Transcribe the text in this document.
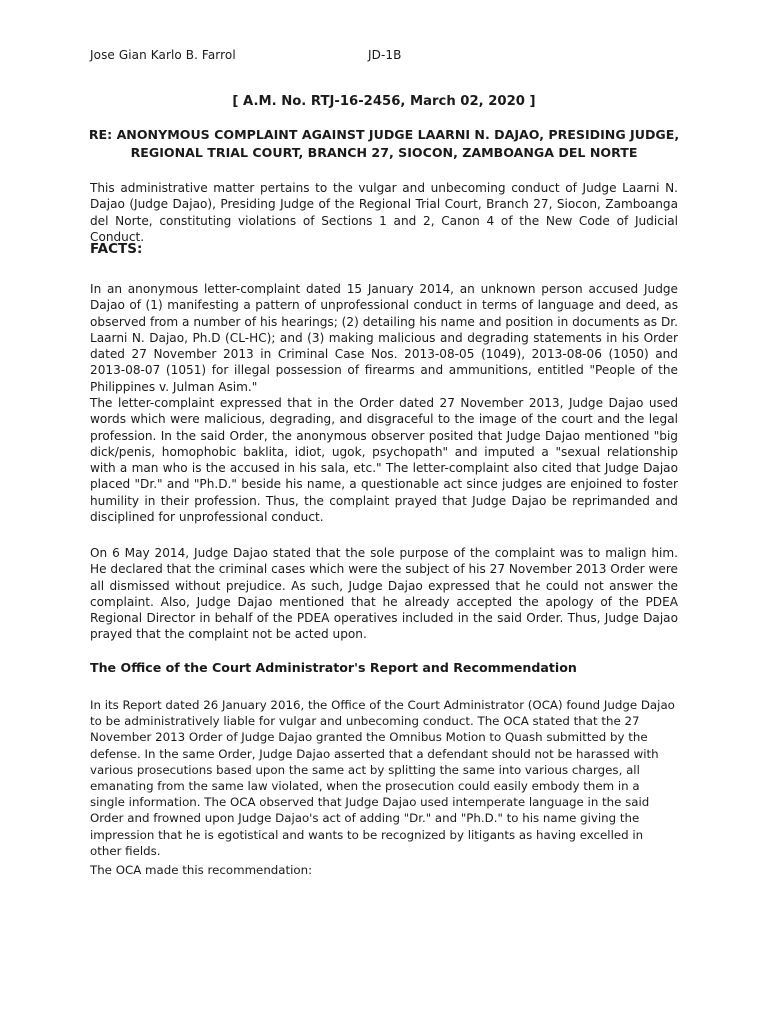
Jose Gian Karlo B. Farrol	JD-1B
[ A.M. No. RTJ-16-2456, March 02, 2020 ]
RE: ANONYMOUS COMPLAINT AGAINST JUDGE LAARNI N. DAJAO, PRESIDING JUDGE,
REGIONAL TRIAL COURT, BRANCH 27, SIOCON, ZAMBOANGA DEL NORTE

This administrative matter pertains to the vulgar and unbecoming conduct of Judge Laarni N. Dajao (Judge Dajao), Presiding Judge of the Regional Trial Court, Branch 27, Siocon, Zamboanga del Norte, constituting violations of Sections 1 and 2, Canon 4 of the New Code of Judicial Conduct.

FACTS:

In an anonymous letter-complaint dated 15 January 2014, an unknown person accused Judge Dajao of (1) manifesting a pattern of unprofessional conduct in terms of language and deed, as observed from a number of his hearings; (2) detailing his name and position in documents as Dr. Laarni N. Dajao, Ph.D (CL-HC); and (3) making malicious and degrading statements in his Order dated 27 November 2013 in Criminal Case Nos. 2013-08-05 (1049), 2013-08-06 (1050) and 2013-08-07 (1051) for illegal possession of firearms and ammunitions, entitled "People of the Philippines v. Julman Asim."

The letter-complaint expressed that in the Order dated 27 November 2013, Judge Dajao used words which were malicious, degrading, and disgraceful to the image of the court and the legal profession. In the said Order, the anonymous observer posited that Judge Dajao mentioned "big dick/penis, homophobic baklita, idiot, ugok, psychopath" and imputed a "sexual relationship with a man who is the accused in his sala, etc." The letter-complaint also cited that Judge Dajao placed "Dr." and "Ph.D." beside his name, a questionable act since judges are enjoined to foster humility in their profession. Thus, the complaint prayed that Judge Dajao be reprimanded and disciplined for unprofessional conduct.

On 6 May 2014, Judge Dajao stated that the sole purpose of the complaint was to malign him. He declared that the criminal cases which were the subject of his 27 November 2013 Order were all dismissed without prejudice. As such, Judge Dajao expressed that he could not answer the complaint. Also, Judge Dajao mentioned that he already accepted the apology of the PDEA Regional Director in behalf of the PDEA operatives included in the said Order. Thus, Judge Dajao prayed that the complaint not be acted upon.

The Office of the Court Administrator's Report and Recommendation

In its Report dated 26 January 2016, the Office of the Court Administrator (OCA) found Judge Dajao to be administratively liable for vulgar and unbecoming conduct. The OCA stated that the 27 November 2013 Order of Judge Dajao granted the Omnibus Motion to Quash submitted by the defense. In the same Order, Judge Dajao asserted that a defendant should not be harassed with various prosecutions based upon the same act by splitting the same into various charges, all emanating from the same law violated, when the prosecution could easily embody them in a single information. The OCA observed that Judge Dajao used intemperate language in the said Order and frowned upon Judge Dajao's act of adding "Dr." and "Ph.D." to his name giving the impression that he is egotistical and wants to be recognized by litigants as having excelled in other fields.

The OCA made this recommendation:
